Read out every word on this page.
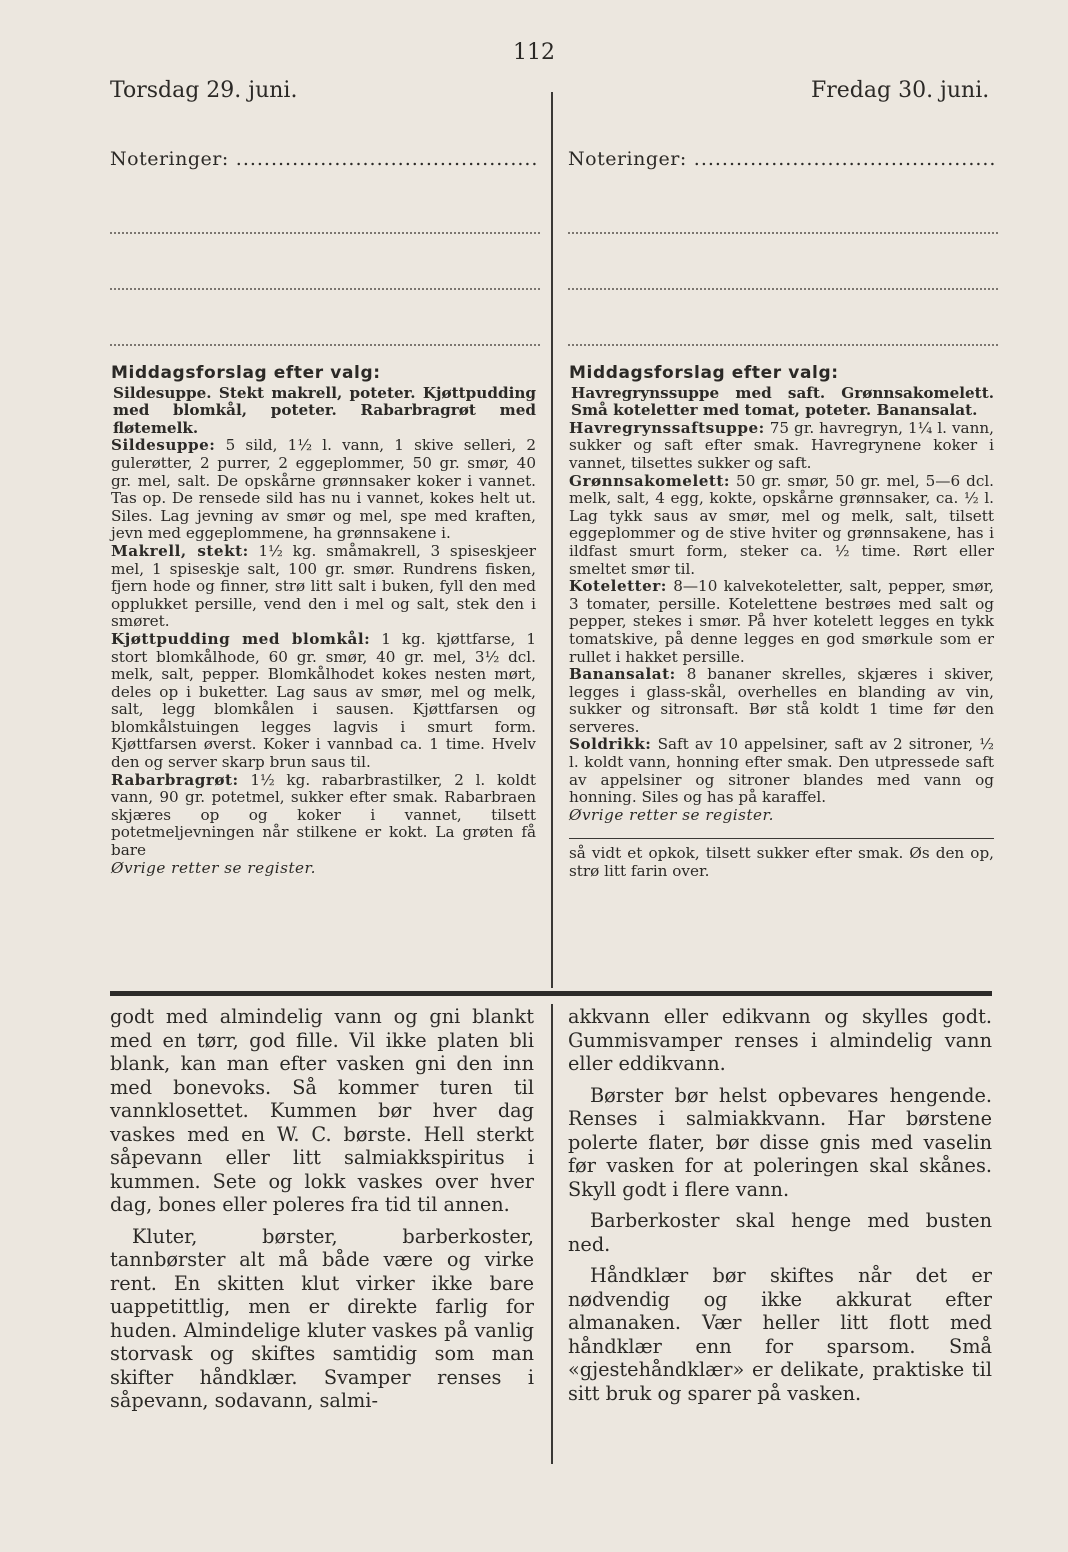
112
Torsdag 29. juni.	Fredag 30. juni.
Noteringer: .....	Noteringer: .....
Middagsforslag efter valg:

Sildesuppe. Stekt makrell, poteter. Kjøttpudding med blomkål, poteter. Rabarbragrøt med fløtemelk.

Sildesuppe: 5 sild, 1½ l. vann, 1 skive selleri, 2 gulerøtter, 2 purrer, 2 eggeplommer, 50 gr. smør, 40 gr. mel, salt. De opskårne grønnsaker koker i vannet. Tas op. De rensede sild has nu i vannet, kokes helt ut. Siles. Lag jevning av smør og mel, spe med kraften, jevn med eggeplommene, ha grønnsakene i.

Makrell, stekt: 1½ kg. småmakrell, 3 spiseskjeer mel, 1 spiseskje salt, 100 gr. smør. Rundrens fisken, fjern hode og finner, strø litt salt i buken, fyll den med opplukket persille, vend den i mel og salt, stek den i smøret.

Kjøttpudding med blomkål: 1 kg. kjøttfarse, 1 stort blomkålhode, 60 gr. smør, 40 gr. mel, 3½ dcl. melk, salt, pepper. Blomkålhodet kokes nesten mørt, deles op i buketter. Lag saus av smør, mel og melk, salt, legg blomkålen i sausen. Kjøttfarsen og blomkålstuingen legges lagvis i smurt form. Kjøttfarsen øverst. Koker i vannbad ca. 1 time. Hvelv den og server skarp brun saus til.

Rabarbragrøt: 1½ kg. rabarbrastilker, 2 l. koldt vann, 90 gr. potetmel, sukker efter smak. Rabarbraen skjæres op og koker i vannet, tilsett potetmeljevningen når stilkene er kokt. La grøten få bare

Øvrige retter se register.

Middagsforslag efter valg:

Havregrynssuppe med saft. Grønnsakomelett. Små koteletter med tomat, poteter. Banansalat.

Havregrynssaftsuppe: 75 gr. havregryn, 1¼ l. vann, sukker og saft efter smak. Havregrynene koker i vannet, tilsettes sukker og saft.

Grønnsakomelett: 50 gr. smør, 50 gr. mel, 5—6 dcl. melk, salt, 4 egg, kokte, opskårne grønnsaker, ca. ½ l. Lag tykk saus av smør, mel og melk, salt, tilsett eggeplommer og de stive hviter og grønnsakene, has i ildfast smurt form, steker ca. ½ time. Rørt eller smeltet smør til.

Koteletter: 8—10 kalvekoteletter, salt, pepper, smør, 3 tomater, persille. Kotelettene bestrøes med salt og pepper, stekes i smør. På hver kotelett legges en tykk tomatskive, på denne legges en god smørkule som er rullet i hakket persille.

Banansalat: 8 bananer skrelles, skjæres i skiver, legges i glass-skål, overhelles en blanding av vin, sukker og sitronsaft. Bør stå koldt 1 time før den serveres.

Soldrikk: Saft av 10 appelsiner, saft av 2 sitroner, ½ l. koldt vann, honning efter smak. Den utpressede saft av appelsiner og sitroner blandes med vann og honning. Siles og has på karaffel.

Øvrige retter se register.

så vidt et opkok, tilsett sukker efter smak. Øs den op, strø litt farin over.

godt med almindelig vann og gni blankt med en tørr, god fille. Vil ikke platen bli blank, kan man efter vasken gni den inn med bonevoks. Så kommer turen til vannklosettet. Kummen bør hver dag vaskes med en W. C. børste. Hell sterkt såpevann eller litt salmiakkspiritus i kummen. Sete og lokk vaskes over hver dag, bones eller poleres fra tid til annen.

Kluter, børster, barberkoster, tannbørster alt må både være og virke rent. En skitten klut virker ikke bare uappetittlig, men er direkte farlig for huden. Almindelige kluter vaskes på vanlig storvask og skiftes samtidig som man skifter håndklær. Svamper renses i såpevann, sodavann, salmi-

akkvann eller edikvann og skylles godt. Gummisvamper renses i almindelig vann eller eddikvann.

Børster bør helst opbevares hengende. Renses i salmiakkvann. Har børstene polerte flater, bør disse gnis med vaselin før vasken for at poleringen skal skånes. Skyll godt i flere vann.

Barberkoster skal henge med busten ned.

Håndklær bør skiftes når det er nødvendig og ikke akkurat efter almanaken. Vær heller litt flott med håndklær enn for sparsom. Små «gjestehåndklær» er delikate, praktiske til sitt bruk og sparer på vasken.
